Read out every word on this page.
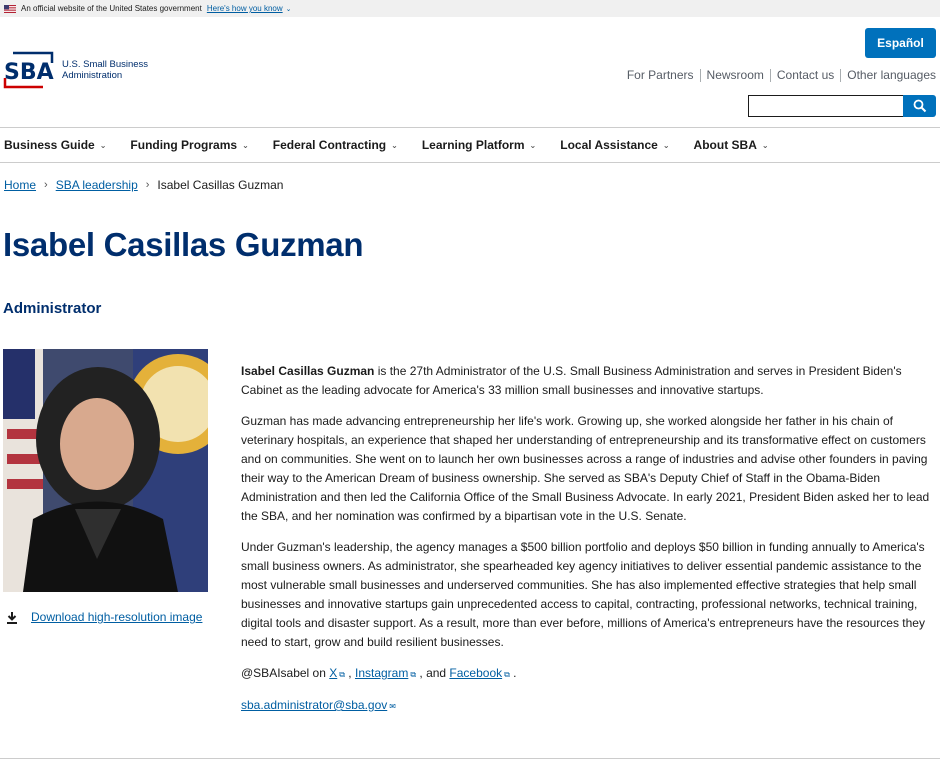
An official website of the United States government Here's how you know ⌄
SBA U.S. Small Business
Administration
Español
For Partners Newsroom Contact us Other languages
Business Guide ⌄ Funding Programs ⌄ Federal Contracting ⌄ Learning Platform ⌄ Local Assistance ⌄ About SBA ⌄
Home › SBA leadership › Isabel Casillas Guzman
Isabel Casillas Guzman
Administrator
Download high-resolution image

Isabel Casillas Guzman is the 27th Administrator of the U.S. Small Business Administration and serves in President Biden's Cabinet as the leading advocate for America's 33 million small businesses and innovative startups.

Guzman has made advancing entrepreneurship her life's work. Growing up, she worked alongside her father in his chain of veterinary hospitals, an experience that shaped her understanding of entrepreneurship and its transformative effect on customers and on communities. She went on to launch her own businesses across a range of industries and advise other founders in paving their way to the American Dream of business ownership. She served as SBA's Deputy Chief of Staff in the Obama-Biden Administration and then led the California Office of the Small Business Advocate. In early 2021, President Biden asked her to lead the SBA, and her nomination was confirmed by a bipartisan vote in the U.S. Senate.

Under Guzman's leadership, the agency manages a $500 billion portfolio and deploys $50 billion in funding annually to America's small business owners. As administrator, she spearheaded key agency initiatives to deliver essential pandemic assistance to the most vulnerable small businesses and underserved communities. She has also implemented effective strategies that help small businesses and innovative startups gain unprecedented access to capital, contracting, professional networks, technical training, digital tools and disaster support. As a result, more than ever before, millions of America's entrepreneurs have the resources they need to start, grow and build resilient businesses.

@SBAIsabel on X ⧉ , Instagram ⧉ , and Facebook ⧉ .

sba.administrator@sba.gov ✉
